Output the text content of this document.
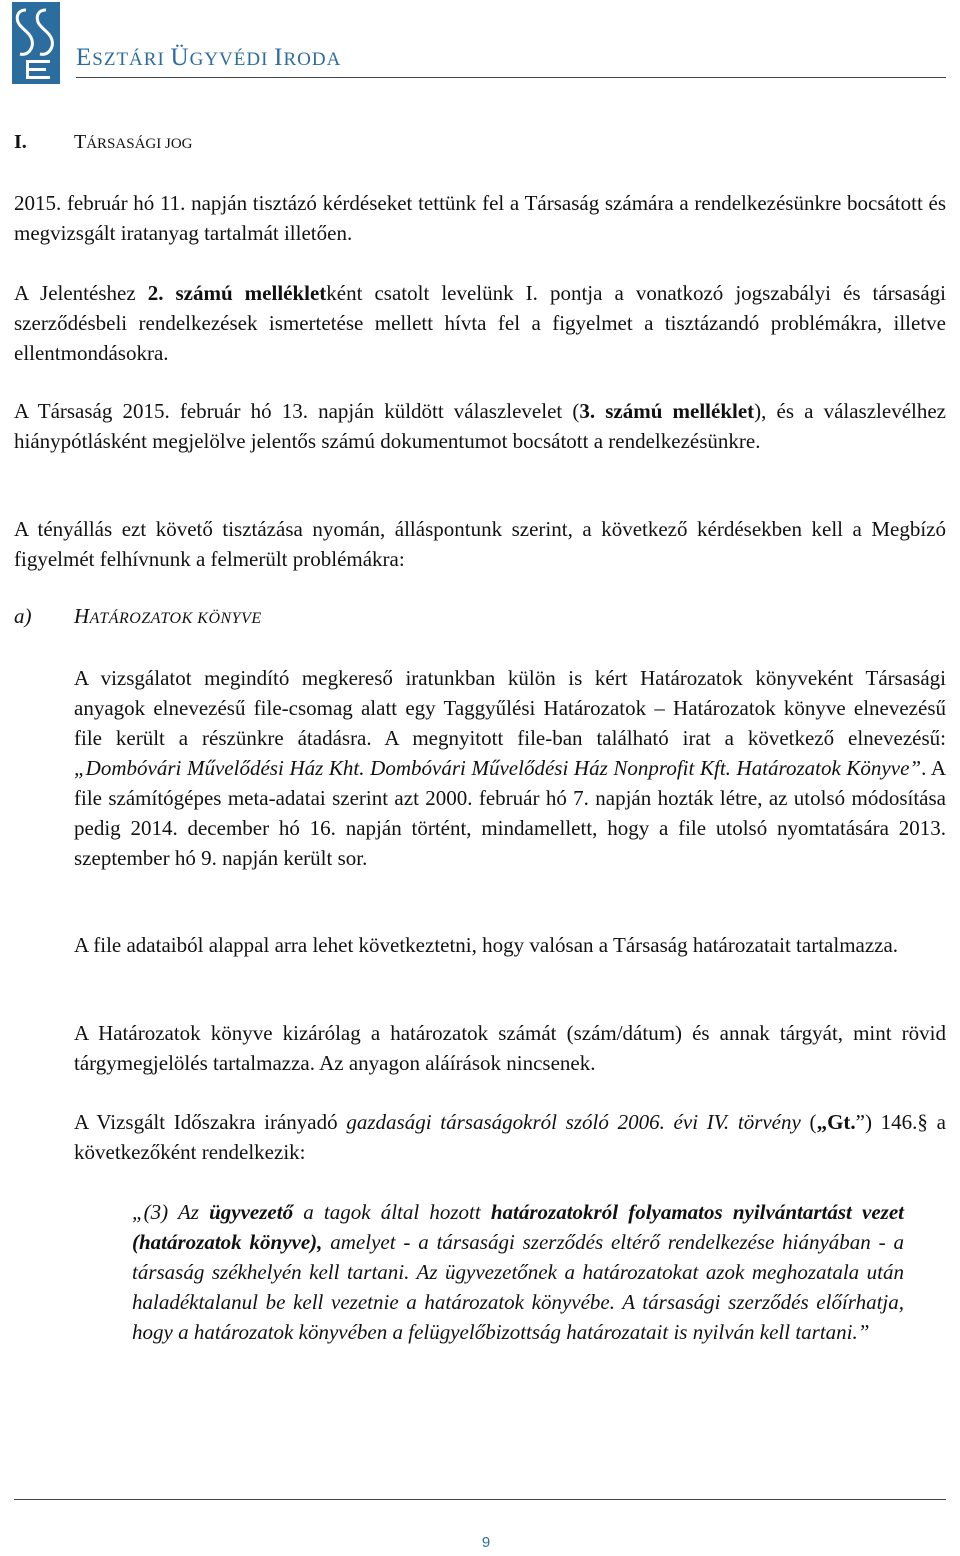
ESZTÁRI ÜGYVÉDI IRODA
I. TÁRSASÁGI JOG

2015. február hó 11. napján tisztázó kérdéseket tettünk fel a Társaság számára a rendelkezésünkre bocsátott és megvizsgált iratanyag tartalmát illetően.

A Jelentéshez 2. számú mellékletként csatolt levelünk I. pontja a vonatkozó jogszabályi és társasági szerződésbeli rendelkezések ismertetése mellett hívta fel a figyelmet a tisztázandó problémákra, illetve ellentmondásokra.

A Társaság 2015. február hó 13. napján küldött válaszlevelet (3. számú melléklet), és a válaszlevélhez hiánypótlásként megjelölve jelentős számú dokumentumot bocsátott a rendelkezésünkre.

A tényállás ezt követő tisztázása nyomán, álláspontunk szerint, a következő kérdésekben kell a Megbízó figyelmét felhívnunk a felmerült problémákra:

a) HATÁROZATOK KÖNYVE

A vizsgálatot megindító megkereső iratunkban külön is kért Határozatok könyveként Társasági anyagok elnevezésű file-csomag alatt egy Taggyűlési Határozatok – Határozatok könyve elnevezésű file került a részünkre átadásra. A megnyitott file-ban található irat a következő elnevezésű: „Dombóvári Művelődési Ház Kht. Dombóvári Művelődési Ház Nonprofit Kft. Határozatok Könyve”. A file számítógépes meta-adatai szerint azt 2000. február hó 7. napján hozták létre, az utolsó módosítása pedig 2014. december hó 16. napján történt, mindamellett, hogy a file utolsó nyomtatására 2013. szeptember hó 9. napján került sor.

A file adataiból alappal arra lehet következtetni, hogy valósan a Társaság határozatait tartalmazza.

A Határozatok könyve kizárólag a határozatok számát (szám/dátum) és annak tárgyát, mint rövid tárgymegjelölés tartalmazza. Az anyagon aláírások nincsenek.

A Vizsgált Időszakra irányadó gazdasági társaságokról szóló 2006. évi IV. törvény („Gt.”) 146.§ a következőként rendelkezik:

„(3) Az ügyvezető a tagok által hozott határozatokról folyamatos nyilvántartást vezet (határozatok könyve), amelyet - a társasági szerződés eltérő rendelkezése hiányában - a társaság székhelyén kell tartani. Az ügyvezetőnek a határozatokat azok meghozatala után haladéktalanul be kell vezetnie a határozatok könyvébe. A társasági szerződés előírhatja, hogy a határozatok könyvében a felügyelőbizottság határozatait is nyilván kell tartani.”

9
